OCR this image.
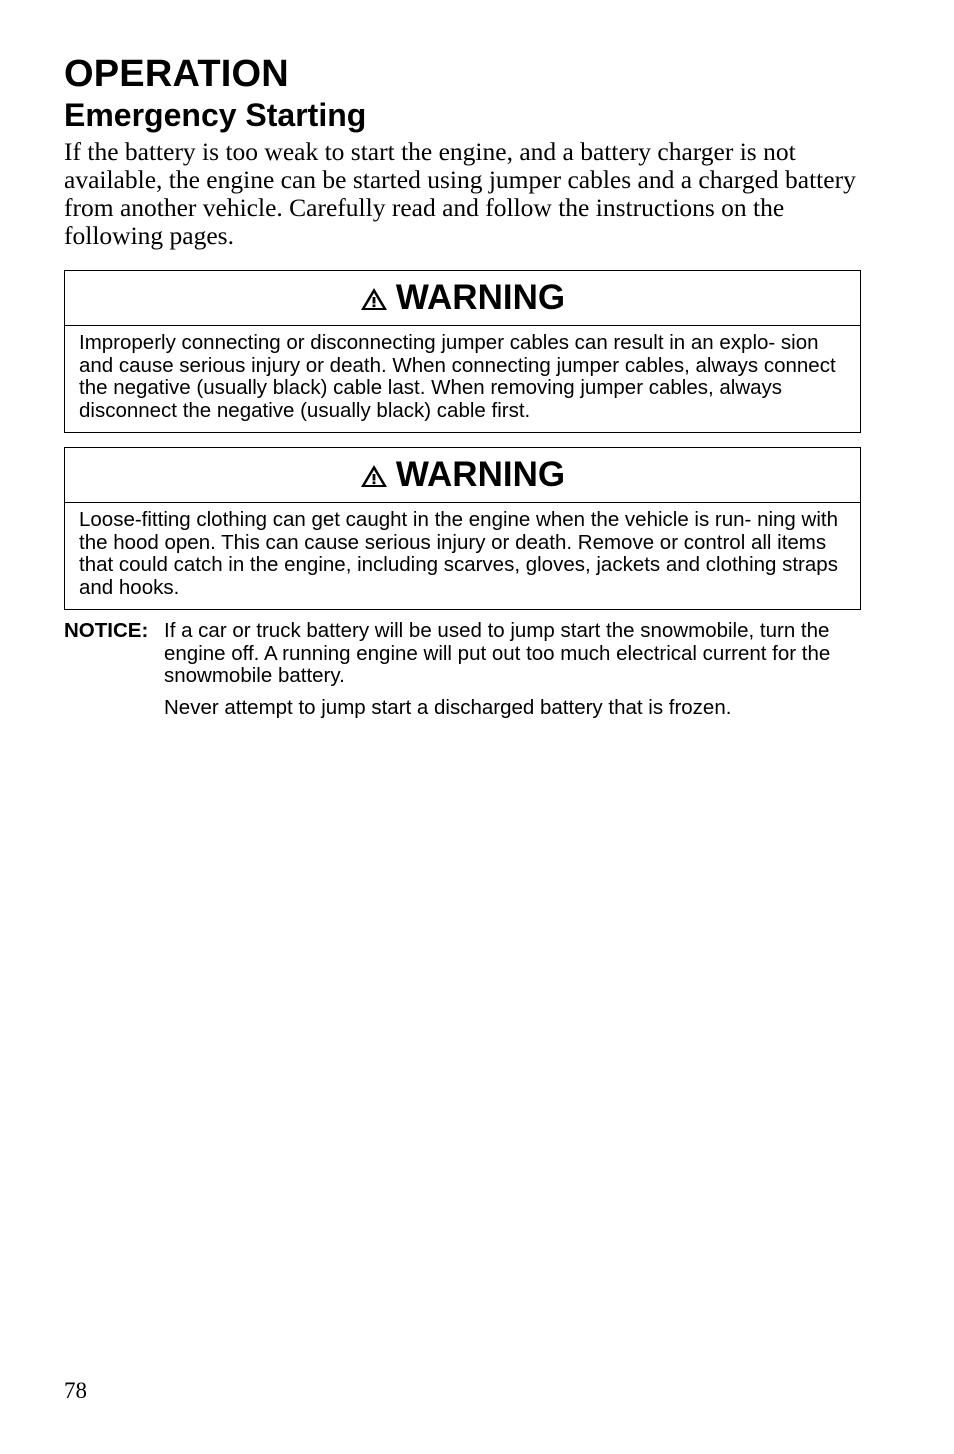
OPERATION
Emergency Starting

If the battery is too weak to start the engine, and a battery charger is not available, the engine can be started using jumper cables and a charged battery from another vehicle. Carefully read and follow the instructions on the following pages.

WARNING
Improperly connecting or disconnecting jumper cables can result in an explo- sion and cause serious injury or death. When connecting jumper cables, always connect the negative (usually black) cable last. When removing jumper cables, always disconnect the negative (usually black) cable first.
WARNING
Loose-fitting clothing can get caught in the engine when the vehicle is run- ning with the hood open. This can cause serious injury or death. Remove or control all items that could catch in the engine, including scarves, gloves, jackets and clothing straps and hooks.
NOTICE: If a car or truck battery will be used to jump start the snowmobile, turn the engine off. A running engine will put out too much electrical current for the snowmobile battery.

Never attempt to jump start a discharged battery that is frozen.

78
